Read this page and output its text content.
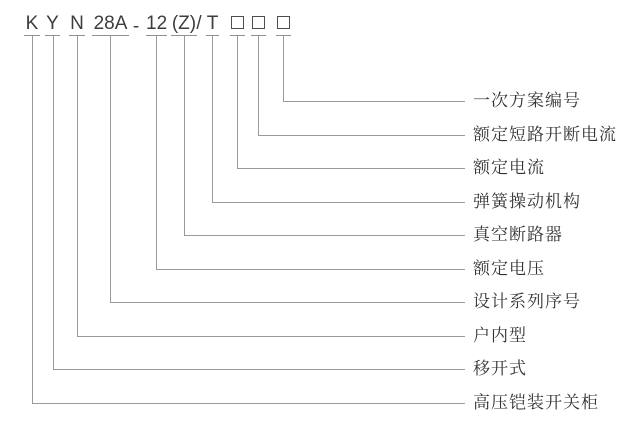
K Y N 28A - 12 (Z) / T
一次方案编号
额定短路开断电流
额定电流
弹簧操动机构
真空断路器
额定电压
设计系列序号
户内型
移开式
高压铠装开关柜
